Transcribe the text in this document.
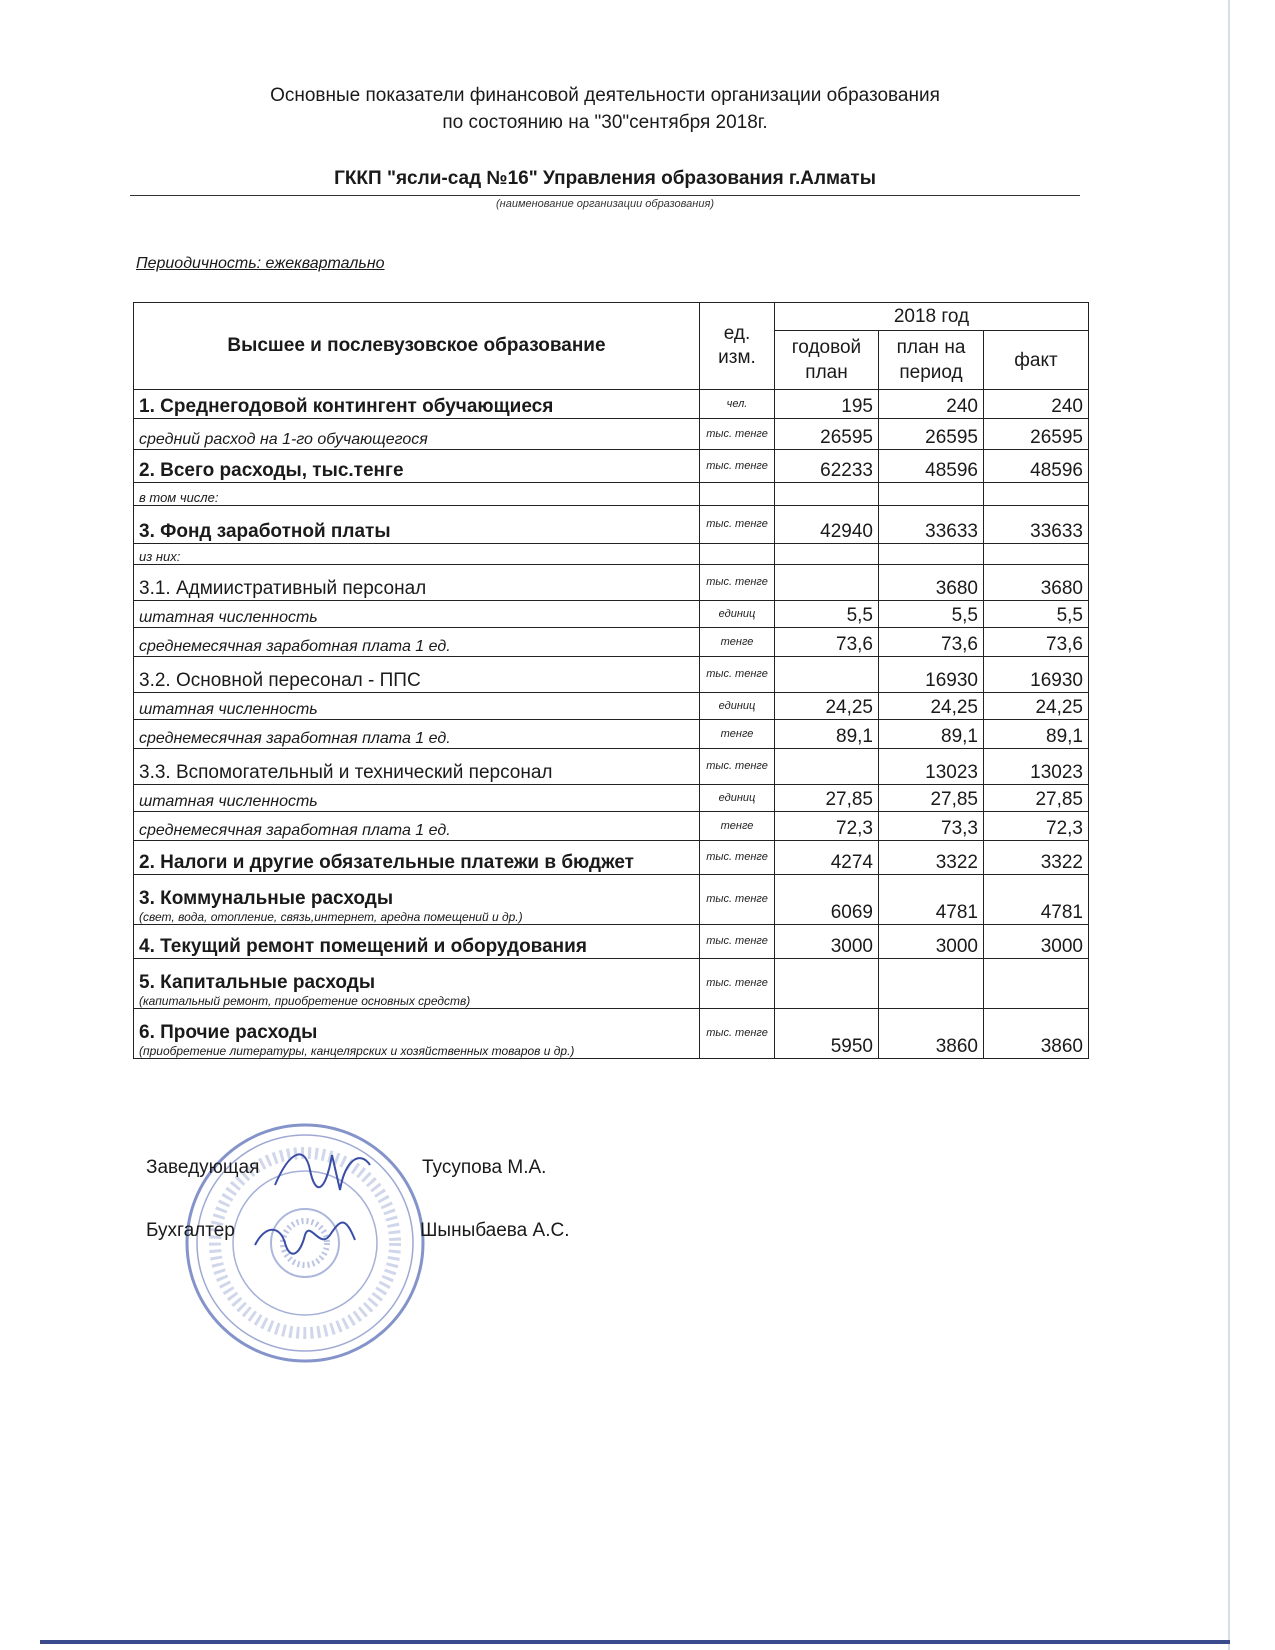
Основные показатели финансовой деятельности организации образования
по состоянию на "30"сентября 2018г.
ГККП "ясли-сад №16" Управления образования г.Алматы
(наименование организации образования)
Периодичность: ежеквартально
Высшее и послевузовское образование	ед. изм.	2018 год		
		годовой план	план на период	факт
1. Среднегодовой контингент обучающиеся	чел.	195	240	240
средний расход на 1-го обучающегося	тыс. тенге	26595	26595	26595
2. Всего расходы, тыс.тенге	тыс. тенге	62233	48596	48596
в том числе:				
3. Фонд заработной платы	тыс. тенге	42940	33633	33633
из них:				
3.1. Адмиистративный персонал	тыс. тенге		3680	3680
штатная численность	единиц	5,5	5,5	5,5
среднемесячная заработная плата 1 ед.	тенге	73,6	73,6	73,6
3.2. Основной пересонал - ППС	тыс. тенге		16930	16930
штатная численность	единиц	24,25	24,25	24,25
среднемесячная заработная плата 1 ед.	тенге	89,1	89,1	89,1
3.3. Вспомогательный и технический персонал	тыс. тенге		13023	13023
штатная численность	единиц	27,85	27,85	27,85
среднемесячная заработная плата 1 ед.	тенге	72,3	73,3	72,3
2. Налоги и другие обязательные платежи в бюджет	тыс. тенге	4274	3322	3322
3. Коммунальные расходы
(свет, вода, отопление, связь,интернет, аредна помещений и др.)	тыс. тенге	6069	4781	4781
4. Текущий ремонт помещений и оборудования	тыс. тенге	3000	3000	3000
5. Капитальные расходы
(капитальный ремонт, приобретение основных средств)	тыс. тенге			
6. Прочие расходы
(приобретение литературы, канцелярских и хозяйственных товаров и др.)	тыс. тенге	5950	3860	3860
Заведующая	Тусупова М.А.
Бухгалтер	Шыныбаева А.С.
